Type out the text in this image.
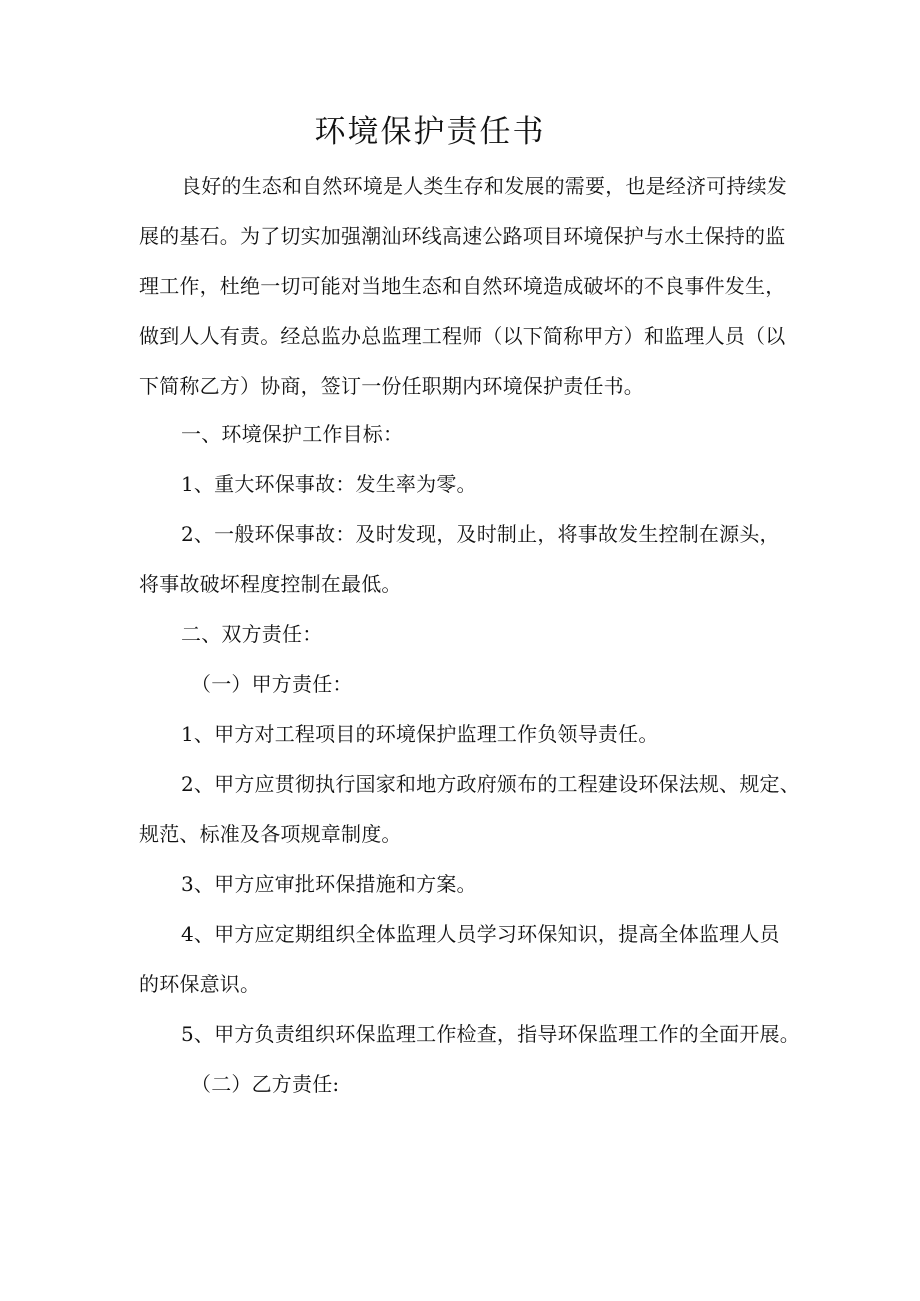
环境保护责任书
良好的生态和自然环境是人类生存和发展的需要，也是经济可持续发
展的基石。为了切实加强潮汕环线高速公路项目环境保护与水土保持的监
理工作，杜绝一切可能对当地生态和自然环境造成破坏的不良事件发生，
做到人人有责。经总监办总监理工程师（以下简称甲方）和监理人员（以
下简称乙方）协商，签订一份任职期内环境保护责任书。
一、环境保护工作目标：
1、重大环保事故：发生率为零。
2、一般环保事故：及时发现，及时制止，将事故发生控制在源头，
将事故破坏程度控制在最低。
二、双方责任：
（一）甲方责任：
1、甲方对工程项目的环境保护监理工作负领导责任。
2、甲方应贯彻执行国家和地方政府颁布的工程建设环保法规、规定、
规范、标准及各项规章制度。
3、甲方应审批环保措施和方案。
4、甲方应定期组织全体监理人员学习环保知识，提高全体监理人员
的环保意识。
5、甲方负责组织环保监理工作检查，指导环保监理工作的全面开展。
（二）乙方责任:
